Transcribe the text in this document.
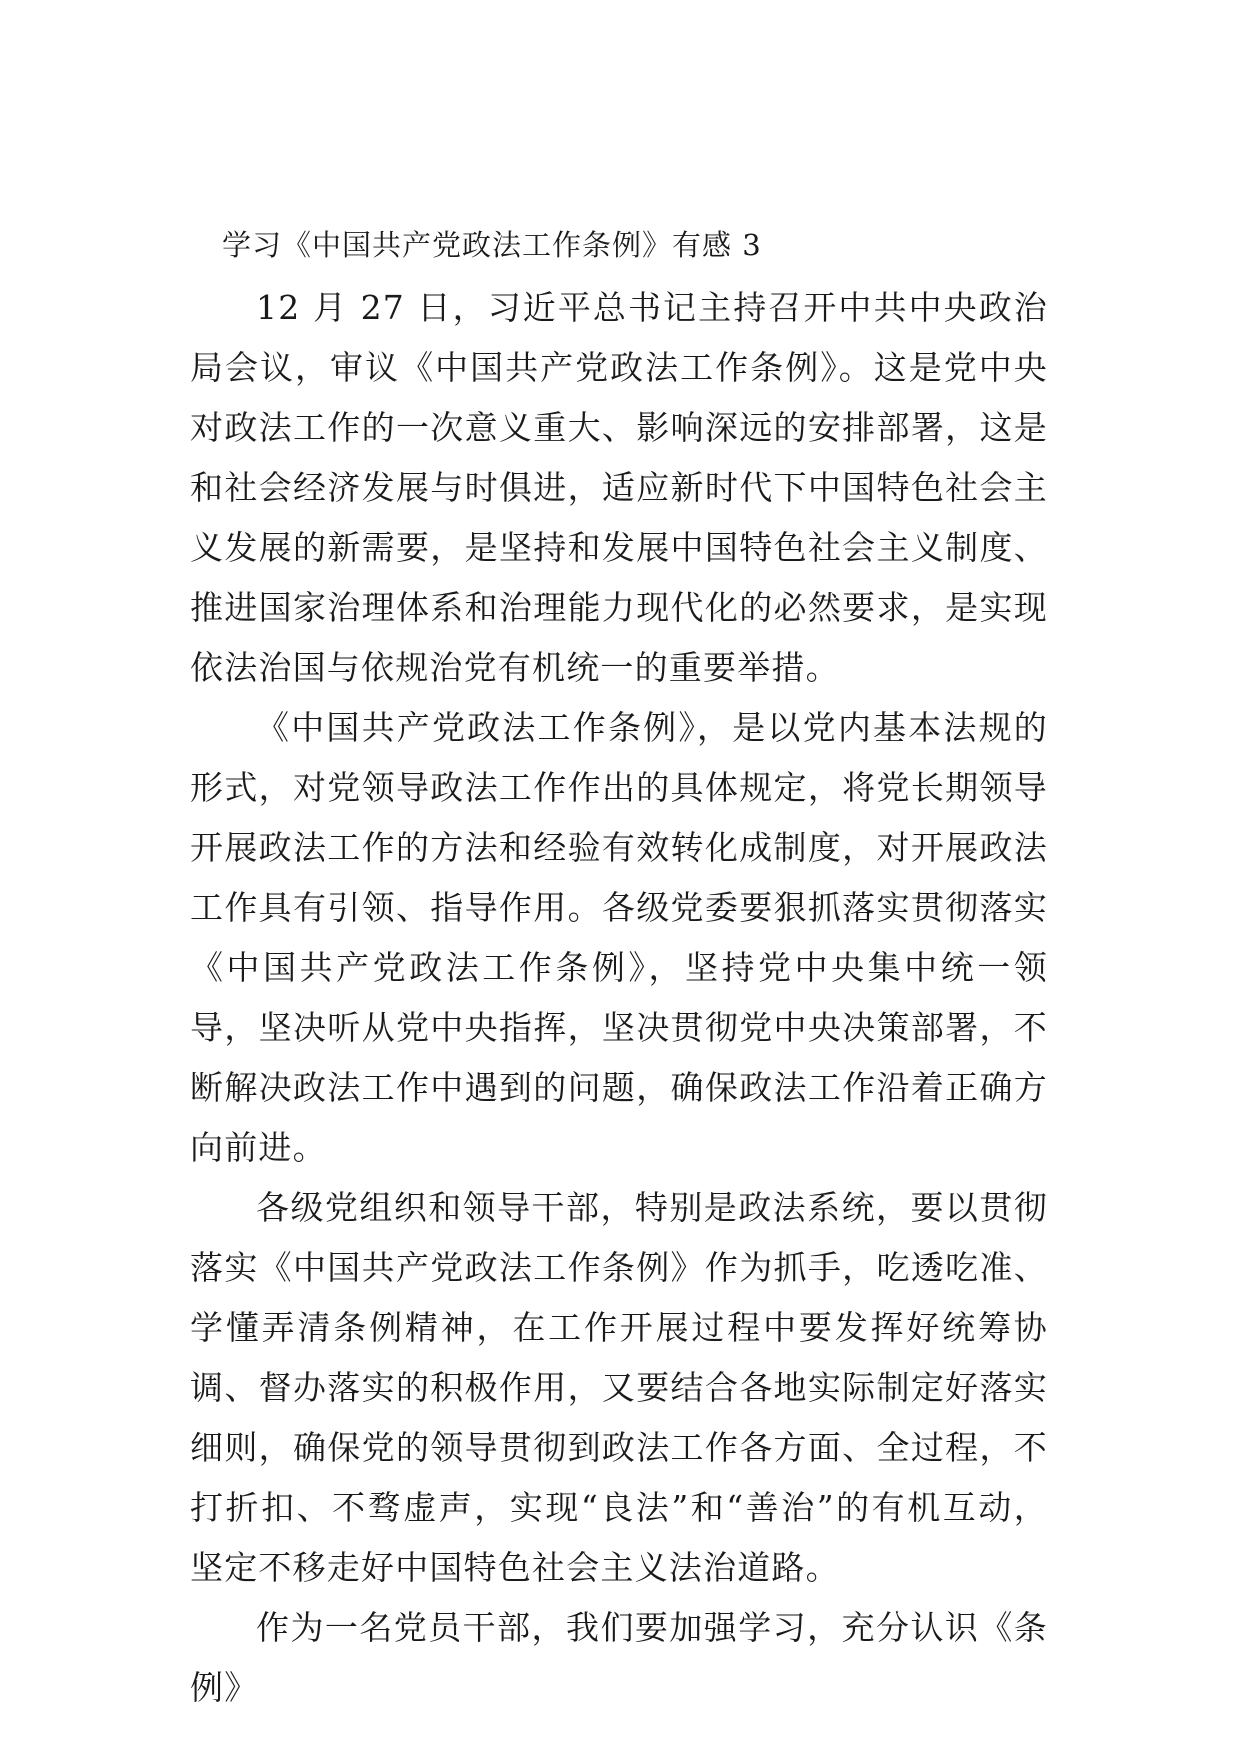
学习《中国共产党政法工作条例》有感 3

12 月 27 日，习近平总书记主持召开中共中央政治局会议，审议《中国共产党政法工作条例》。这是党中央对政法工作的一次意义重大、影响深远的安排部署，这是和社会经济发展与时俱进，适应新时代下中国特色社会主义发展的新需要，是坚持和发展中国特色社会主义制度、推进国家治理体系和治理能力现代化的必然要求，是实现依法治国与依规治党有机统一的重要举措。

《中国共产党政法工作条例》，是以党内基本法规的形式，对党领导政法工作作出的具体规定，将党长期领导开展政法工作的方法和经验有效转化成制度，对开展政法工作具有引领、指导作用。各级党委要狠抓落实贯彻落实《中国共产党政法工作条例》，坚持党中央集中统一领导，坚决听从党中央指挥，坚决贯彻党中央决策部署，不断解决政法工作中遇到的问题，确保政法工作沿着正确方向前进。

各级党组织和领导干部，特别是政法系统，要以贯彻落实《中国共产党政法工作条例》作为抓手，吃透吃准、学懂弄清条例精神，在工作开展过程中要发挥好统筹协调、督办落实的积极作用，又要结合各地实际制定好落实细则，确保党的领导贯彻到政法工作各方面、全过程，不打折扣、不骛虚声，实现“良法”和“善治”的有机互动，坚定不移走好中国特色社会主义法治道路。

作为一名党员干部，我们要加强学习，充分认识《条例》
